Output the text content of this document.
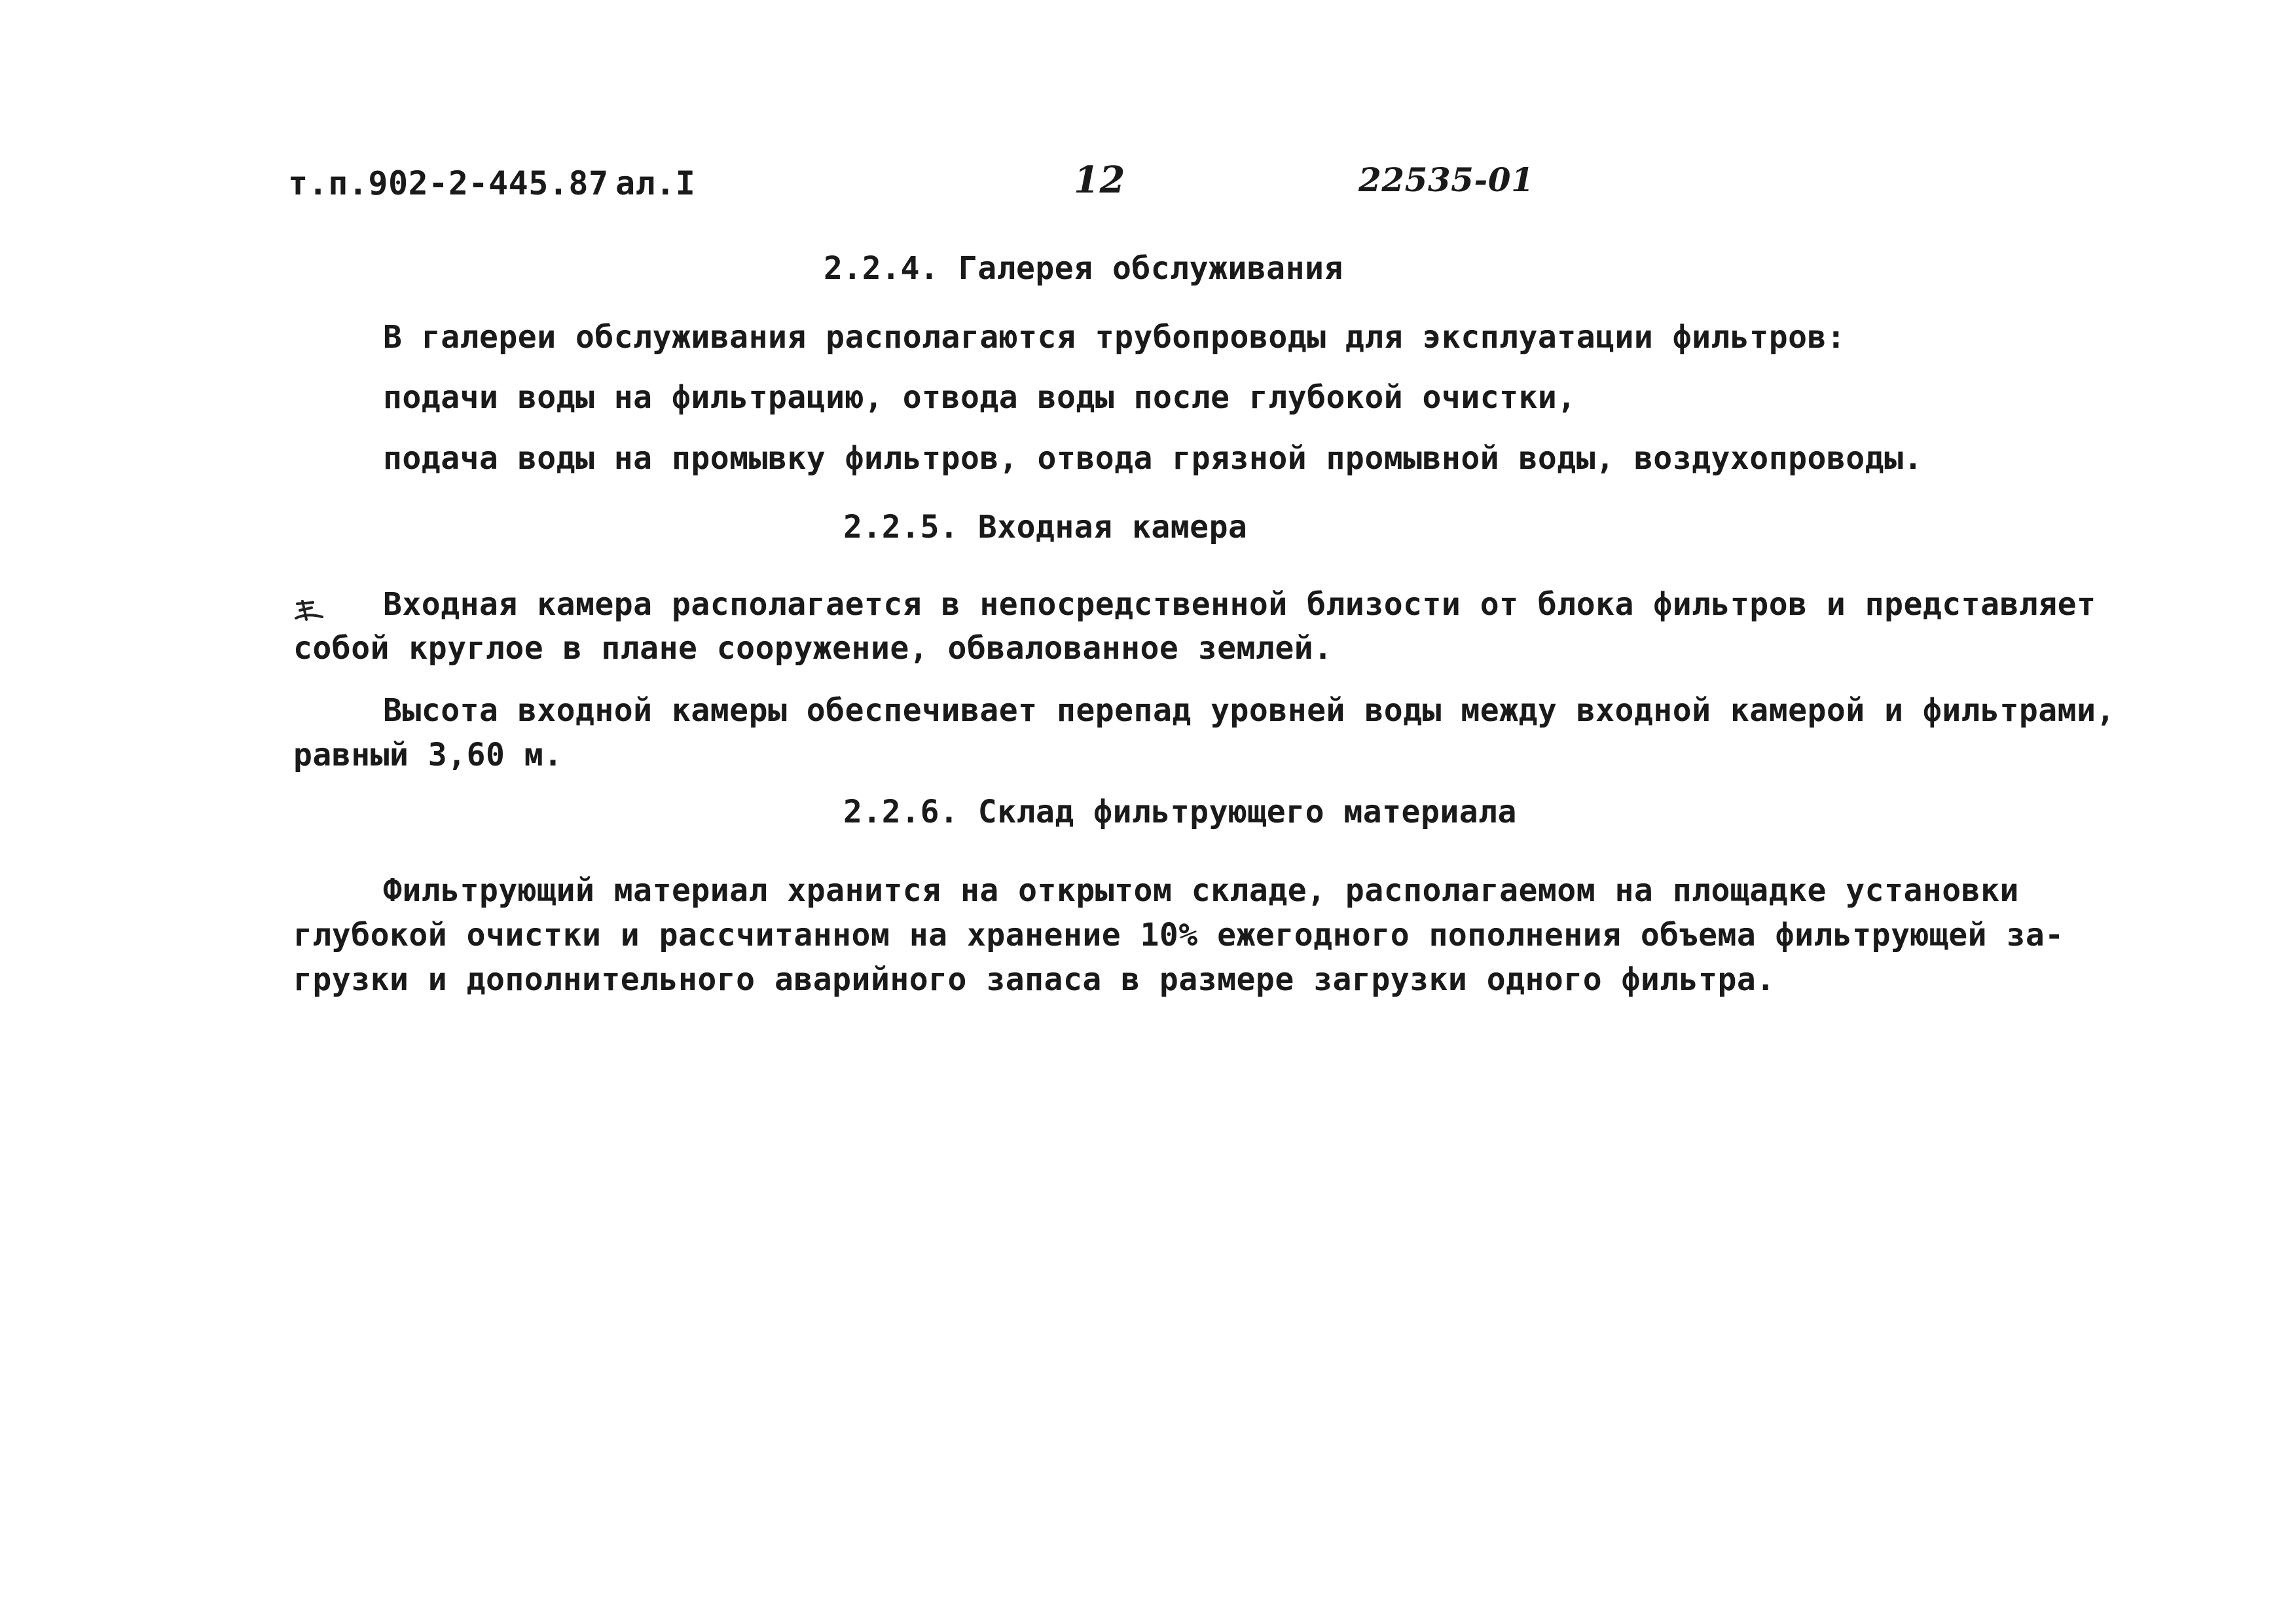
т.п.902-2-445.87 ал.I	12	22535-01
2.2.4. Галерея обслуживания
В галереи обслуживания располагаются трубопроводы для эксплуатации фильтров:
подачи воды на фильтрацию, отвода воды после глубокой очистки,
подача воды на промывку фильтров, отвода грязной промывной воды, воздухопроводы.
2.2.5. Входная камера
Входная камера располагается в непосредственной близости от блока фильтров и представляет
собой круглое в плане сооружение, обвалованное землей.
Высота входной камеры обеспечивает перепад уровней воды между входной камерой и фильтрами,
равный 3,60 м.
2.2.6. Склад фильтрующего материала
Фильтрующий материал хранится на открытом складе, располагаемом на площадке установки
глубокой очистки и рассчитанном на хранение 10% ежегодного пополнения объема фильтрующей за-
грузки и дополнительного аварийного запаса в размере загрузки одного фильтра.
